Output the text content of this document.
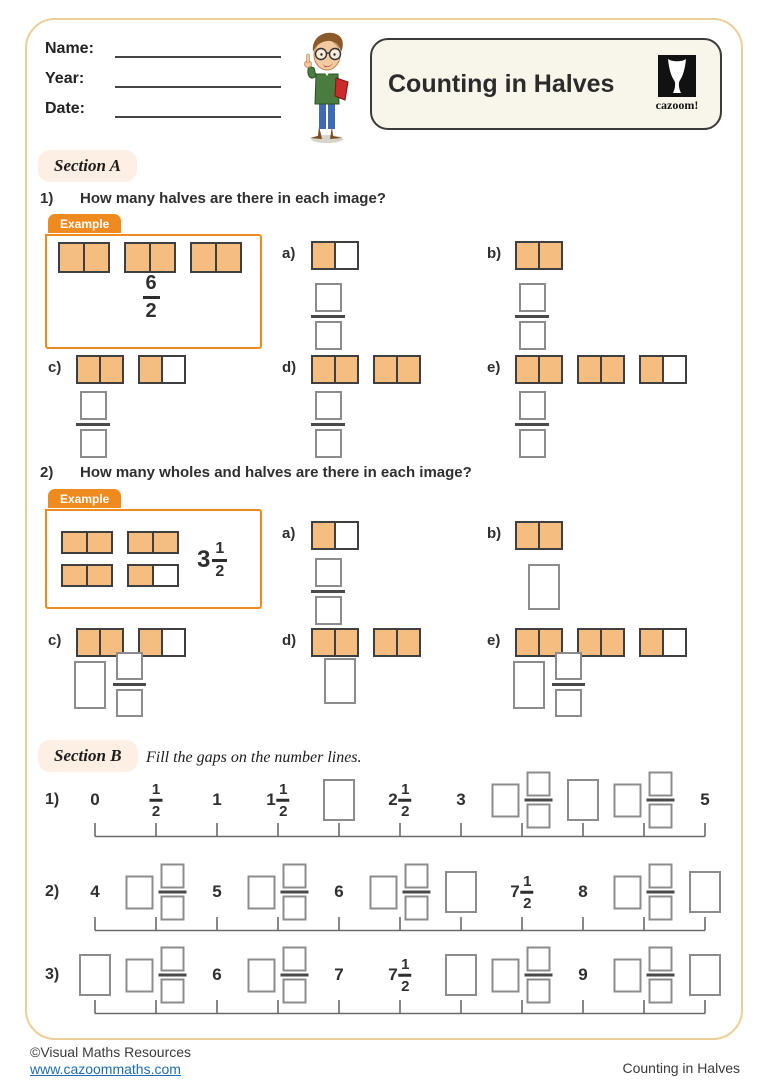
Name:
Year:
Date:
Counting in Halves
cazoom!
Section A
1) How many halves are there in each image?
Example
6
2
a)	b)
c)	d)	e)
2) How many wholes and halves are there in each image?
Example
$3 \frac{1}{2}$
a)	b)
c)	d)	e)
Section B	Fill the gaps on the number lines.
1) 0	$\frac{1}{2}$	1	$1 \frac{1}{2}$	$2 \frac{1}{2}$	3	5
2) 4	5	6	$7 \frac{1}{2}$	8
3)	6	7	$7 \frac{1}{2}$	9
©Visual Maths Resources
www.cazoommaths.com	Counting in Halves
